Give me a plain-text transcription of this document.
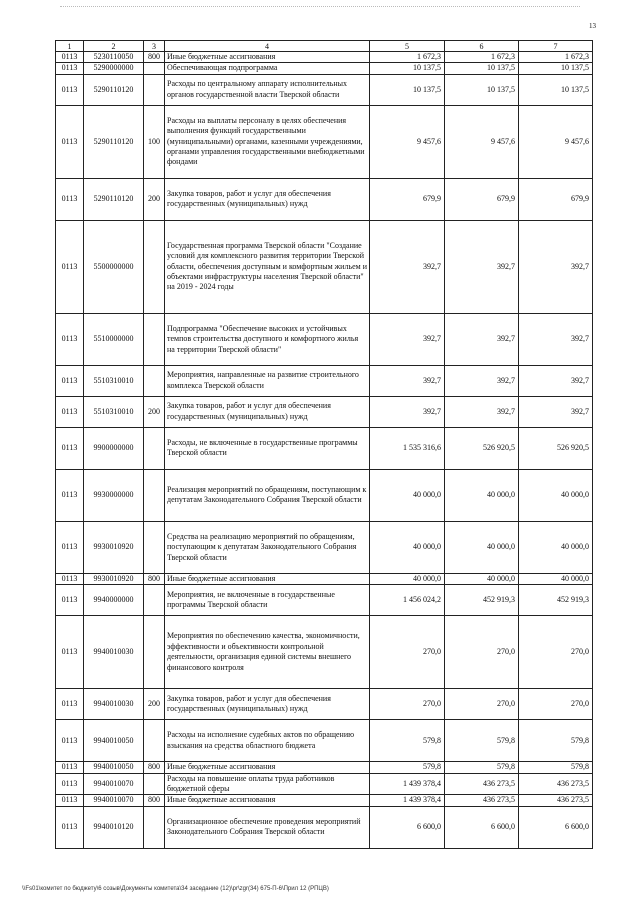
13
1	2	3	4	5	6	7
0113	5230110050	800	Иные бюджетные ассигнования	1 672,3	1 672,3	1 672,3
0113	5290000000		Обеспечивающая подпрограмма	10 137,5	10 137,5	10 137,5
0113	5290110120		Расходы по центральному аппарату исполнительных органов государственной власти Тверской области	10 137,5	10 137,5	10 137,5
0113	5290110120	100	Расходы на выплаты персоналу в целях обеспечения выполнения функций государственными (муниципальными) органами, казенными учреждениями, органами управления государственными внебюджетными фондами	9 457,6	9 457,6	9 457,6
0113	5290110120	200	Закупка товаров, работ и услуг для обеспечения государственных (муниципальных) нужд	679,9	679,9	679,9
0113	5500000000		Государственная программа Тверской области "Создание условий для комплексного развития территории Тверской области, обеспечения доступным и комфортным жильем и объектами инфраструктуры населения Тверской области" на 2019 - 2024 годы	392,7	392,7	392,7
0113	5510000000		Подпрограмма "Обеспечение высоких и устойчивых темпов строительства доступного и комфортного жилья на территории Тверской области"	392,7	392,7	392,7
0113	5510310010		Мероприятия, направленные на развитие строительного комплекса Тверской области	392,7	392,7	392,7
0113	5510310010	200	Закупка товаров, работ и услуг для обеспечения государственных (муниципальных) нужд	392,7	392,7	392,7
0113	9900000000		Расходы, не включенные в государственные программы Тверской области	1 535 316,6	526 920,5	526 920,5
0113	9930000000		Реализация мероприятий по обращениям, поступающим к депутатам Законодательного Собрания Тверской области	40 000,0	40 000,0	40 000,0
0113	9930010920		Средства на реализацию мероприятий по обращениям, поступающим к депутатам Законодательного Собрания Тверской области	40 000,0	40 000,0	40 000,0
0113	9930010920	800	Иные бюджетные ассигнования	40 000,0	40 000,0	40 000,0
0113	9940000000		Мероприятия, не включенные в государственные программы Тверской области	1 456 024,2	452 919,3	452 919,3
0113	9940010030		Мероприятия по обеспечению качества, экономичности, эффективности и объективности контрольной деятельности, организация единой системы внешнего финансового контроля	270,0	270,0	270,0
0113	9940010030	200	Закупка товаров, работ и услуг для обеспечения государственных (муниципальных) нужд	270,0	270,0	270,0
0113	9940010050		Расходы на исполнение судебных актов по обращению взыскания на средства областного бюджета	579,8	579,8	579,8
0113	9940010050	800	Иные бюджетные ассигнования	579,8	579,8	579,8
0113	9940010070		Расходы на повышение оплаты труда работников бюджетной сферы	1 439 378,4	436 273,5	436 273,5
0113	9940010070	800	Иные бюджетные ассигнования	1 439 378,4	436 273,5	436 273,5
0113	9940010120		Организационное обеспечение проведения мероприятий Законодательного Собрания Тверской области	6 600,0	6 600,0	6 600,0
\\Fs01\комитет по бюджету\6 созыв\Документы комитета\34 заседание (12)\pr\zgr(34) 675-П-6\Прил 12 (РПЦВ)
